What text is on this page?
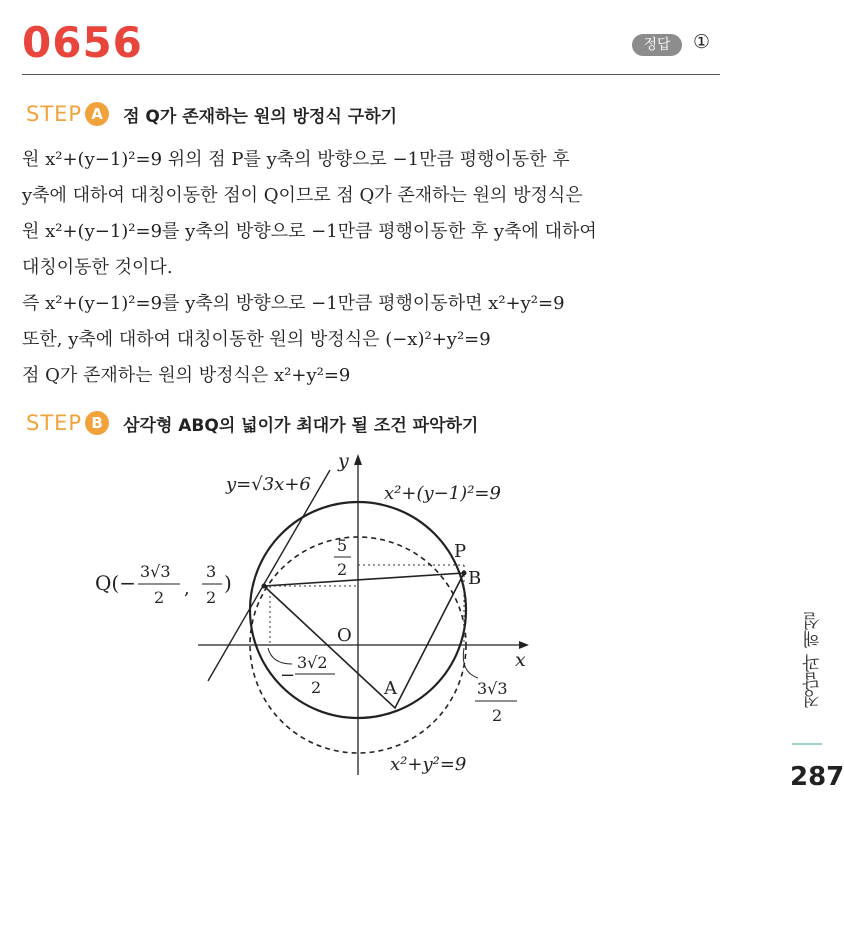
0656	정답	①
STEP A	점 Q가 존재하는 원의 방정식 구하기
원 x²+(y−1)²=9 위의 점 P를 y축의 방향으로 −1만큼 평행이동한 후
y축에 대하여 대칭이동한 점이 Q이므로 점 Q가 존재하는 원의 방정식은
원 x²+(y−1)²=9를 y축의 방향으로 −1만큼 평행이동한 후 y축에 대하여
대칭이동한 것이다.
즉 x²+(y−1)²=9를 y축의 방향으로 −1만큼 평행이동하면 x²+y²=9
또한, y축에 대하여 대칭이동한 원의 방정식은 (−x)²+y²=9
점 Q가 존재하는 원의 방정식은 x²+y²=9
STEP B	삼각형 ABQ의 넓이가 최대가 될 조건 파악하기
y=√3x+6	x²+(y−1)²=9
x²+y²=9
x
y
O
P
B
A
Q(− 3√3
2 ,
3
2
)
5
2
−
3√2
2	3√3
2
정답과 해설
287
